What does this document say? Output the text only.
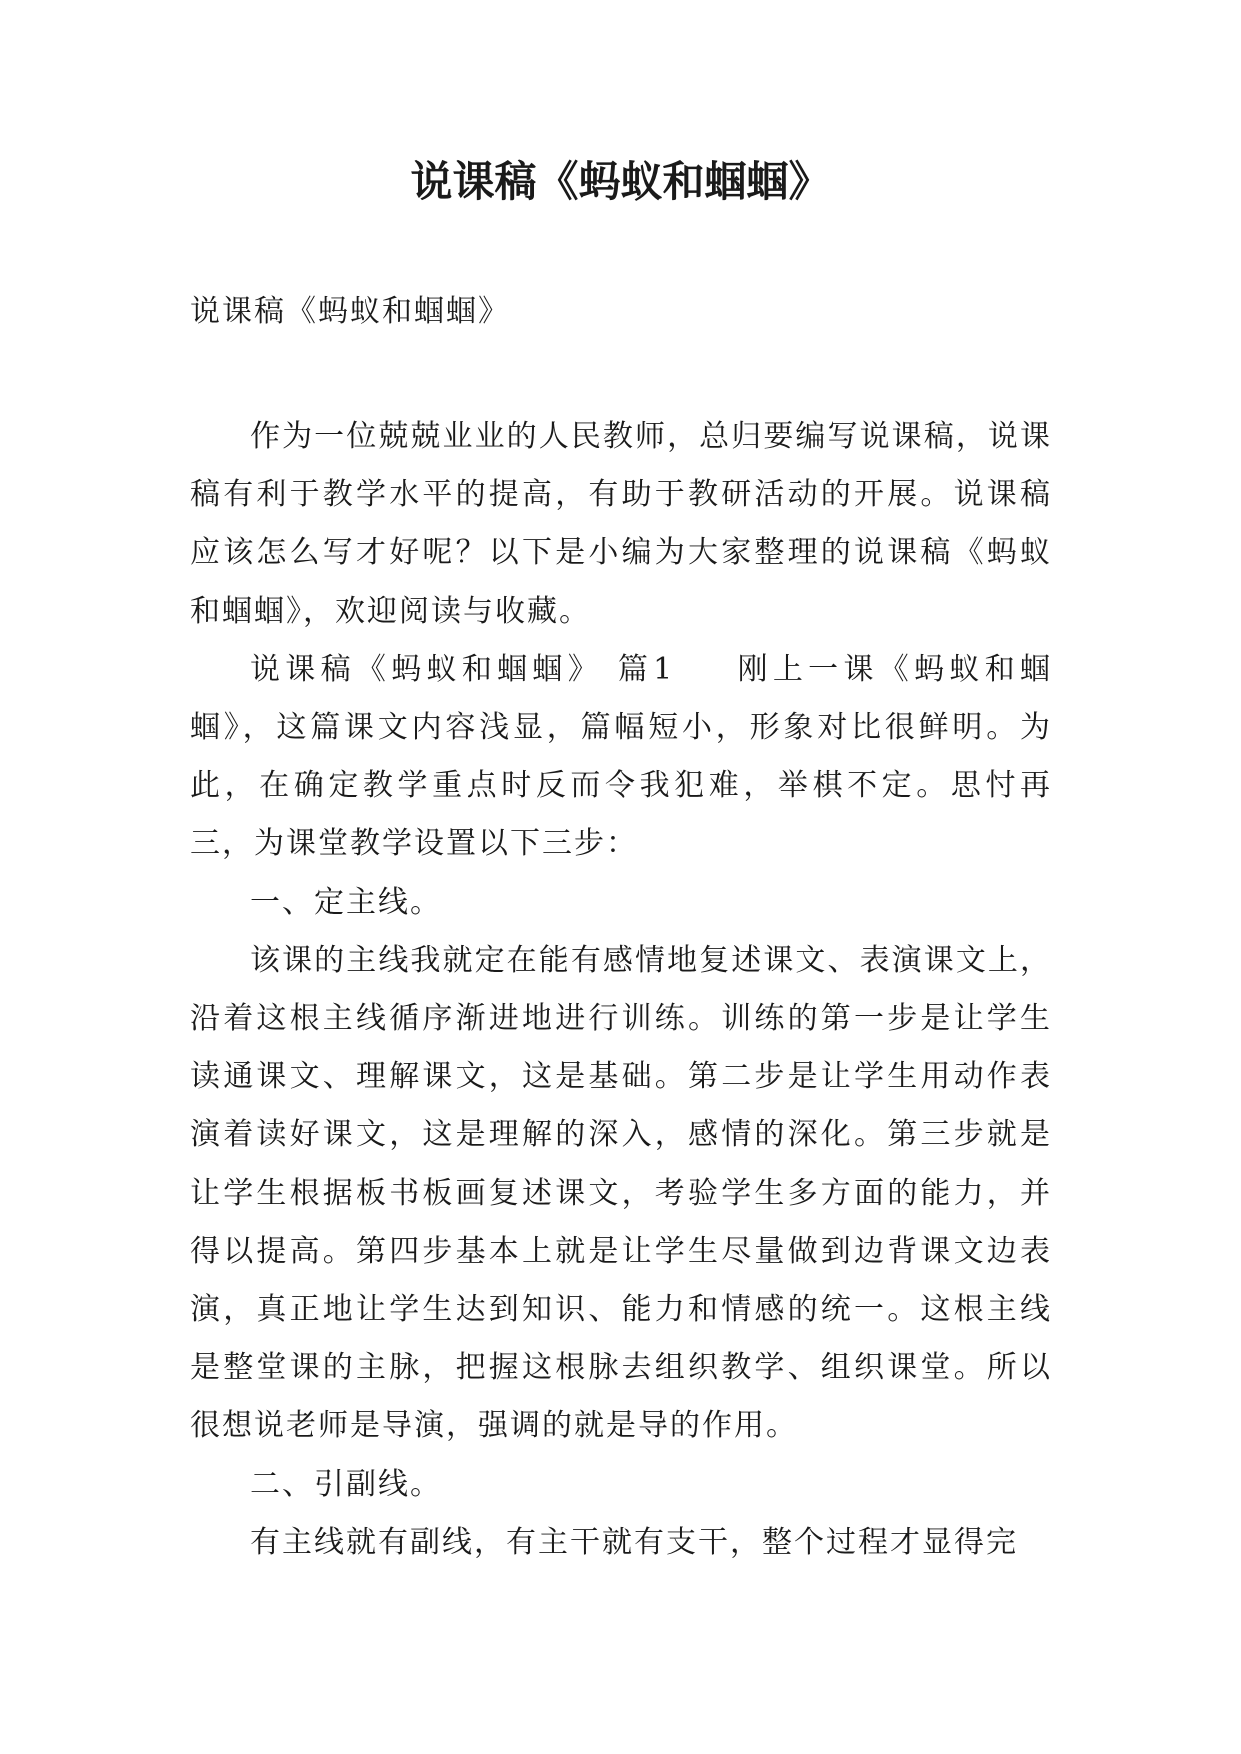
说课稿《蚂蚁和蝈蝈》

说课稿《蚂蚁和蝈蝈》

作为一位兢兢业业的人民教师，总归要编写说课稿，说课稿有利于教学水平的提高，有助于教研活动的开展。说课稿应该怎么写才好呢？以下是小编为大家整理的说课稿《蚂蚁和蝈蝈》，欢迎阅读与收藏。

说课稿《蚂蚁和蝈蝈》 篇1 刚上一课《蚂蚁和蝈蝈》，这篇课文内容浅显，篇幅短小，形象对比很鲜明。为此，在确定教学重点时反而令我犯难，举棋不定。思忖再三，为课堂教学设置以下三步：

一、定主线。

该课的主线我就定在能有感情地复述课文、表演课文上，沿着这根主线循序渐进地进行训练。训练的第一步是让学生读通课文、理解课文，这是基础。第二步是让学生用动作表演着读好课文，这是理解的深入，感情的深化。第三步就是让学生根据板书板画复述课文，考验学生多方面的能力，并得以提高。第四步基本上就是让学生尽量做到边背课文边表演，真正地让学生达到知识、能力和情感的统一。这根主线是整堂课的主脉，把握这根脉去组织教学、组织课堂。所以很想说老师是导演，强调的就是导的作用。

二、引副线。

有主线就有副线，有主干就有支干，整个过程才显得完
